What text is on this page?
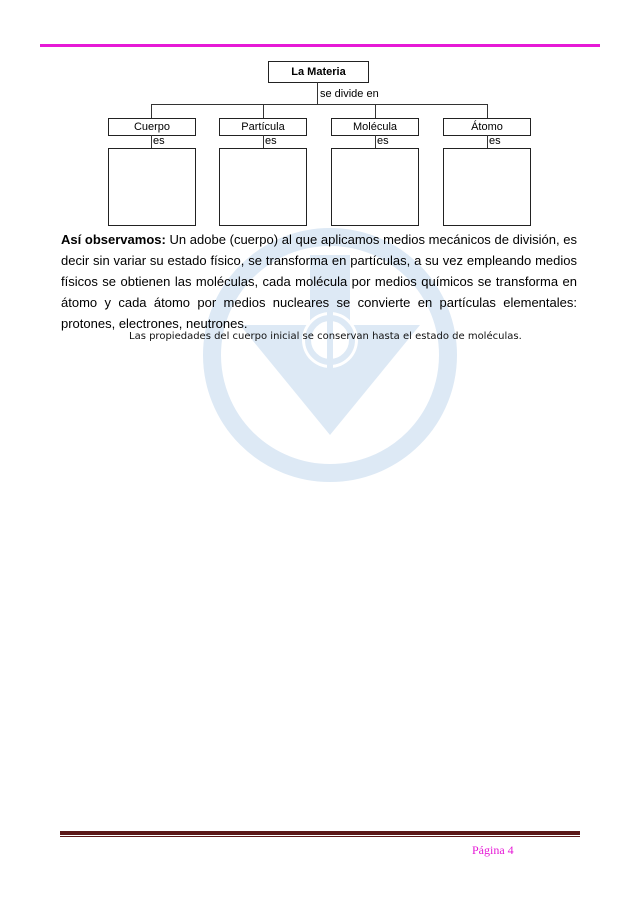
La Materia
se divide en
Cuerpo	Partícula	Molécula	Átomo
es	es	es	es
Así observamos: Un adobe (cuerpo) al que aplicamos medios mecánicos de división, es decir sin variar su estado físico, se transforma en partículas, a su vez empleando medios físicos se obtienen las moléculas, cada molécula por medios químicos se transforma en átomo y cada átomo por medios nucleares se convierte en partículas elementales: protones, electrones, neutrones.
Las propiedades del cuerpo inicial se conservan hasta el estado de moléculas.
Página 4
